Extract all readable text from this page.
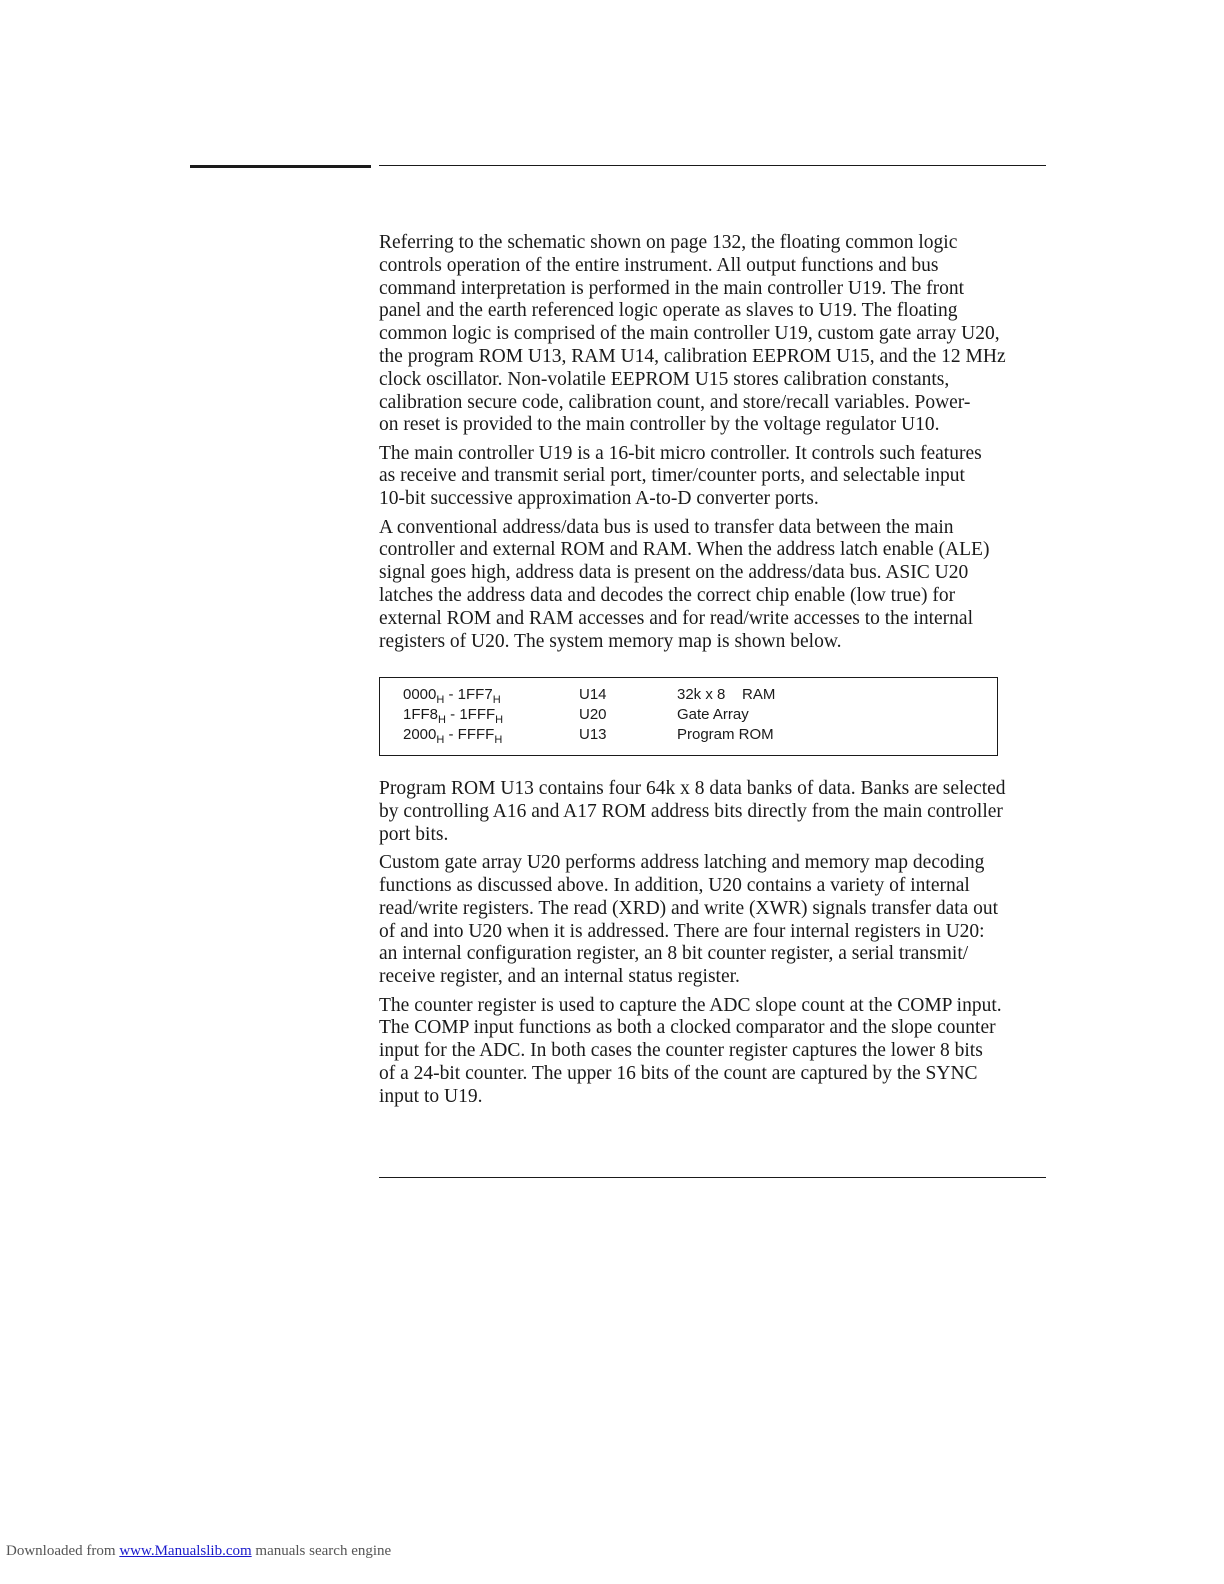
Referring to the schematic shown on page 132, the floating common logic
controls operation of the entire instrument. All output functions and bus
command interpretation is performed in the main controller U19. The front
panel and the earth referenced logic operate as slaves to U19. The floating
common logic is comprised of the main controller U19, custom gate array U20,
the program ROM U13, RAM U14, calibration EEPROM U15, and the 12 MHz
clock oscillator. Non-volatile EEPROM U15 stores calibration constants,
calibration secure code, calibration count, and store/recall variables. Power-
on reset is provided to the main controller by the voltage regulator U10.

The main controller U19 is a 16-bit micro controller. It controls such features
as receive and transmit serial port, timer/counter ports, and selectable input
10-bit successive approximation A-to-D converter ports.

A conventional address/data bus is used to transfer data between the main
controller and external ROM and RAM. When the address latch enable (ALE)
signal goes high, address data is present on the address/data bus. ASIC U20
latches the address data and decodes the correct chip enable (low true) for
external ROM and RAM accesses and for read/write accesses to the internal
registers of U20. The system memory map is shown below.

$0000_H - 1FF7_H$	U14	32k x 8    RAM
$1FF8_H - 1FFF_H$	U20	Gate Array
$2000_H$ - $FFFF_H$	U13	Program ROM

Program ROM U13 contains four 64k x 8 data banks of data. Banks are selected
by controlling A16 and A17 ROM address bits directly from the main controller
port bits.

Custom gate array U20 performs address latching and memory map decoding
functions as discussed above. In addition, U20 contains a variety of internal
read/write registers. The read (XRD) and write (XWR) signals transfer data out
of and into U20 when it is addressed. There are four internal registers in U20:
an internal configuration register, an 8 bit counter register, a serial transmit/
receive register, and an internal status register.

The counter register is used to capture the ADC slope count at the COMP input.
The COMP input functions as both a clocked comparator and the slope counter
input for the ADC. In both cases the counter register captures the lower 8 bits
of a 24-bit counter. The upper 16 bits of the count are captured by the SYNC
input to U19.

Downloaded from www.Manualslib.com manuals search engine
